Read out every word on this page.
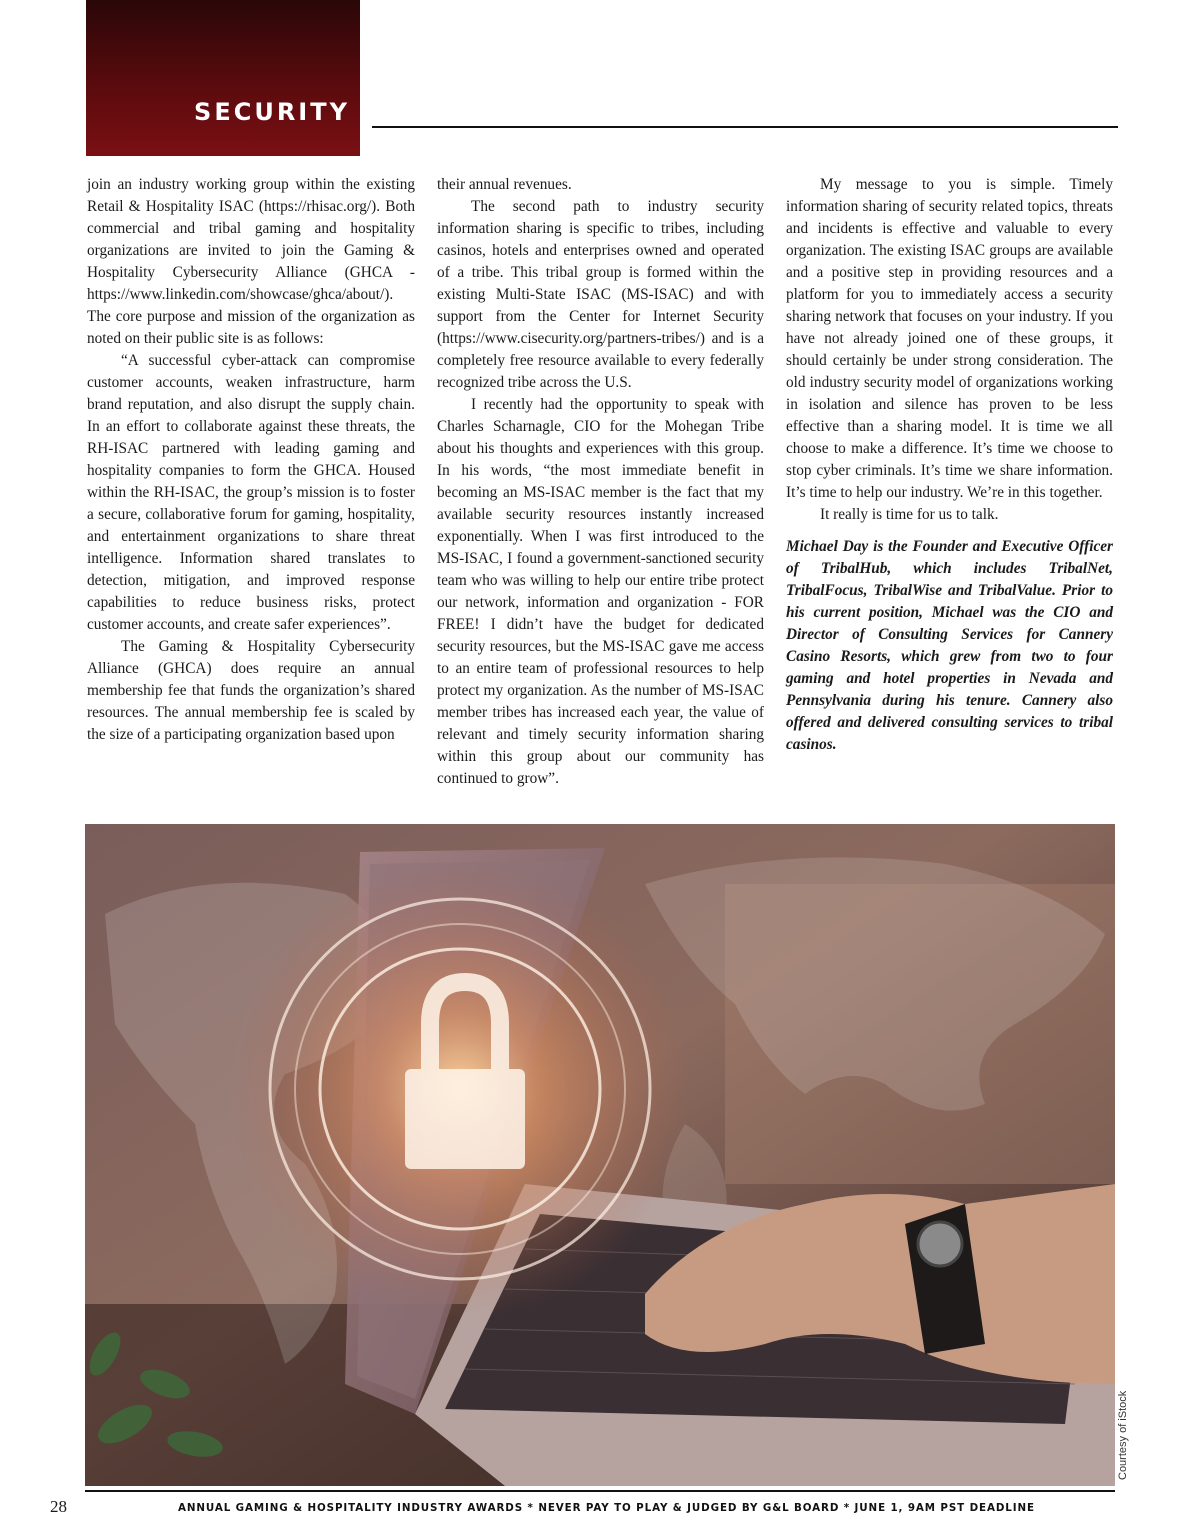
SECURITY

join an industry working group within the existing Retail & Hospitality ISAC (https://rhisac.org/). Both commercial and tribal gaming and hospitality organizations are invited to join the Gaming & Hospitality Cybersecurity Alliance (GHCA - https://www.linkedin.com/showcase/ghca/about/). The core purpose and mission of the organization as noted on their public site is as follows:

“A successful cyber-attack can compromise customer accounts, weaken infrastructure, harm brand reputation, and also disrupt the supply chain. In an effort to collaborate against these threats, the RH-ISAC partnered with leading gaming and hospitality companies to form the GHCA. Housed within the RH-ISAC, the group’s mission is to foster a secure, collaborative forum for gaming, hospitality, and entertainment organizations to share threat intelligence. Information shared translates to detection, mitigation, and improved response capabilities to reduce business risks, protect customer accounts, and create safer experiences”.

The Gaming & Hospitality Cybersecurity Alliance (GHCA) does require an annual membership fee that funds the organization’s shared resources. The annual membership fee is scaled by the size of a participating organization based upon

their annual revenues.

The second path to industry security information sharing is specific to tribes, including casinos, hotels and enterprises owned and operated of a tribe. This tribal group is formed within the existing Multi-State ISAC (MS-ISAC) and with support from the Center for Internet Security (https://www.cisecurity.org/partners-tribes/) and is a completely free resource available to every federally recognized tribe across the U.S.

I recently had the opportunity to speak with Charles Scharnagle, CIO for the Mohegan Tribe about his thoughts and experiences with this group. In his words, “the most immediate benefit in becoming an MS-ISAC member is the fact that my available security resources instantly increased exponentially. When I was first introduced to the MS-ISAC, I found a government-sanctioned security team who was willing to help our entire tribe protect our network, information and organization - FOR FREE! I didn’t have the budget for dedicated security resources, but the MS-ISAC gave me access to an entire team of professional resources to help protect my organization. As the number of MS-ISAC member tribes has increased each year, the value of relevant and timely security information sharing within this group about our community has continued to grow”.

My message to you is simple. Timely information sharing of security related topics, threats and incidents is effective and valuable to every organization. The existing ISAC groups are available and a positive step in providing resources and a platform for you to immediately access a security sharing network that focuses on your industry. If you have not already joined one of these groups, it should certainly be under strong consideration. The old industry security model of organizations working in isolation and silence has proven to be less effective than a sharing model. It is time we all choose to make a difference. It’s time we choose to stop cyber criminals. It’s time we share information. It’s time to help our industry. We’re in this together.

It really is time for us to talk.

Michael Day is the Founder and Executive Officer of TribalHub, which includes TribalNet, TribalFocus, TribalWise and TribalValue. Prior to his current position, Michael was the CIO and Director of Consulting Services for Cannery Casino Resorts, which grew from two to four gaming and hotel properties in Nevada and Pennsylvania during his tenure. Cannery also offered and delivered consulting services to tribal casinos.

Courtesy of iStock
28	ANNUAL GAMING & HOSPITALITY INDUSTRY AWARDS * NEVER PAY TO PLAY & JUDGED BY G&L BOARD * JUNE 1, 9AM PST DEADLINE
